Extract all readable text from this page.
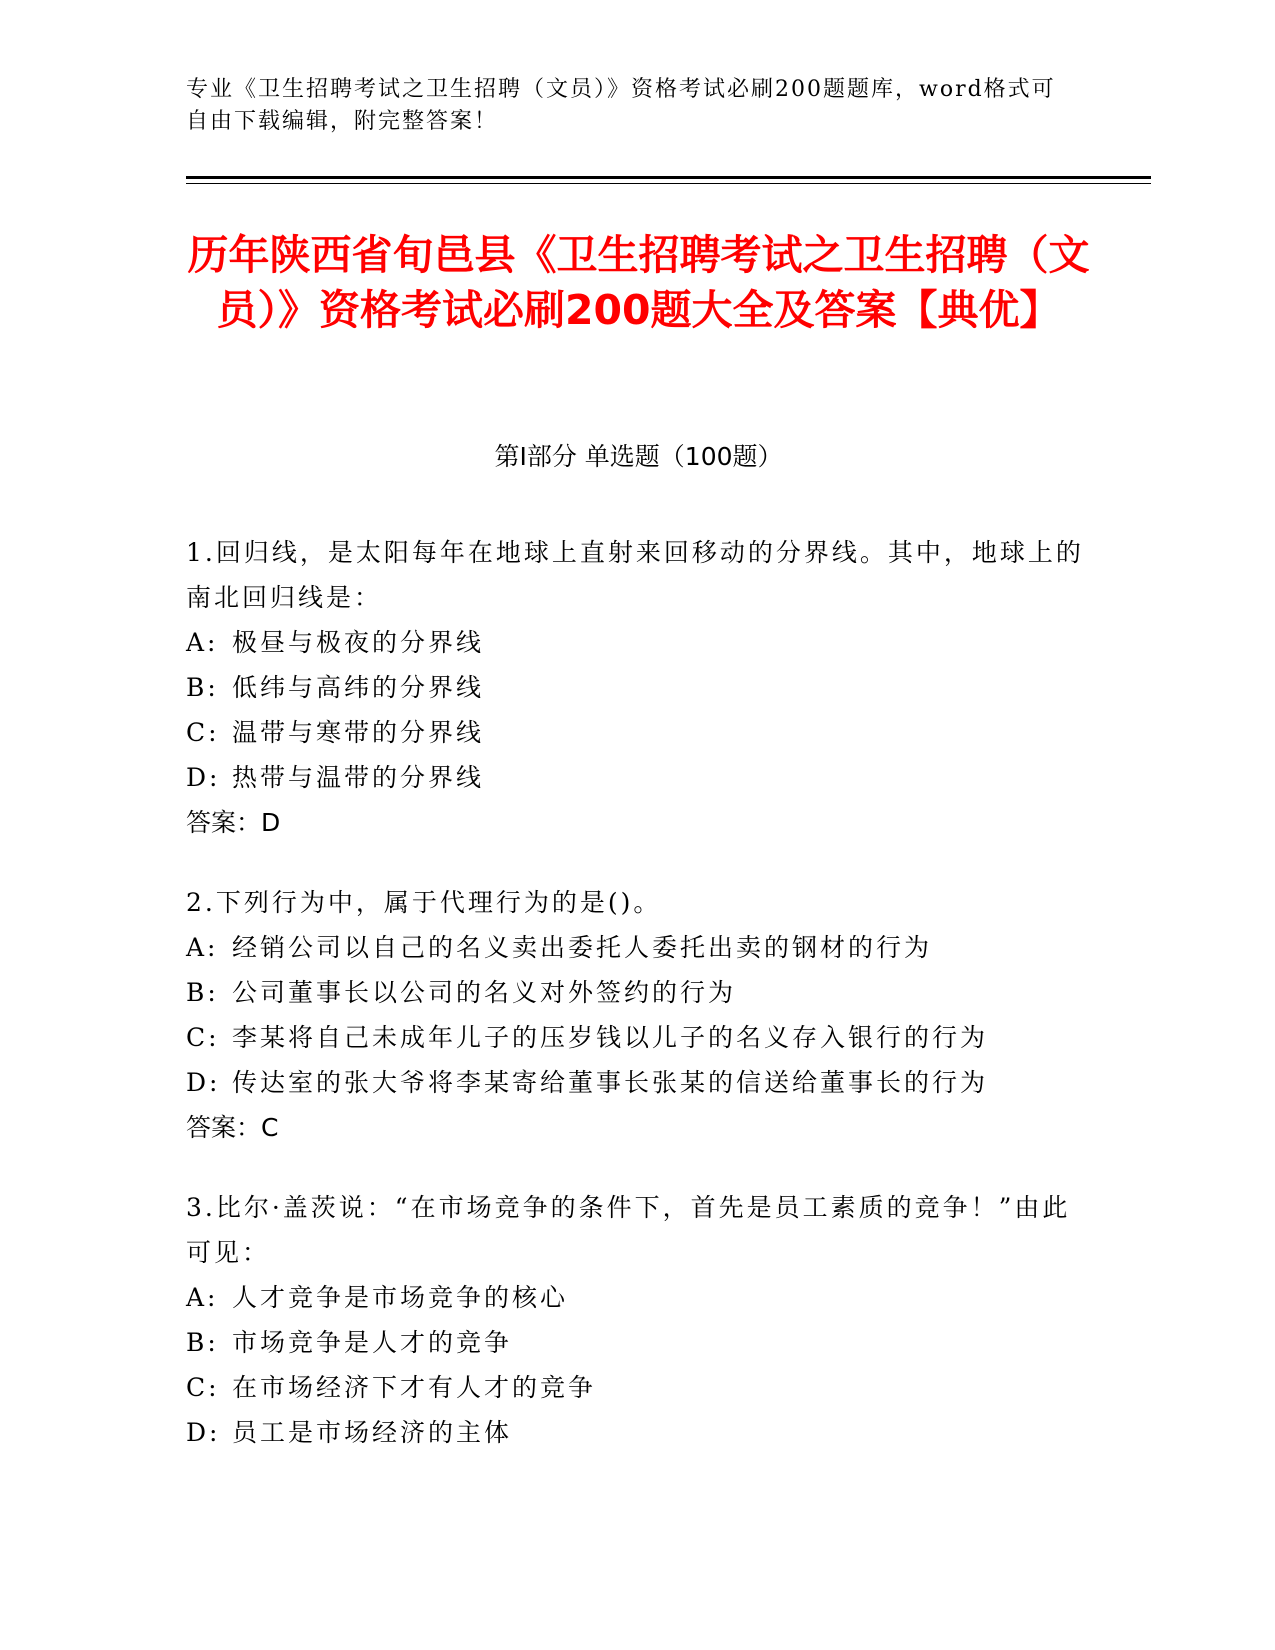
专业《卫生招聘考试之卫生招聘（文员）》资格考试必刷200题题库，word格式可自由下载编辑，附完整答案！
历年陕西省旬邑县《卫生招聘考试之卫生招聘（文员）》资格考试必刷200题大全及答案【典优】
第Ⅰ部分 单选题（100题）
1.回归线，是太阳每年在地球上直射来回移动的分界线。其中，地球上的南北回归线是：
A: 极昼与极夜的分界线
B: 低纬与高纬的分界线
C: 温带与寒带的分界线
D: 热带与温带的分界线
答案：D
2.下列行为中，属于代理行为的是()。
A: 经销公司以自己的名义卖出委托人委托出卖的钢材的行为
B: 公司董事长以公司的名义对外签约的行为
C: 李某将自己未成年儿子的压岁钱以儿子的名义存入银行的行为
D: 传达室的张大爷将李某寄给董事长张某的信送给董事长的行为
答案：C
3.比尔·盖茨说：“在市场竞争的条件下，首先是员工素质的竞争！”由此可见：
A: 人才竞争是市场竞争的核心
B: 市场竞争是人才的竞争
C: 在市场经济下才有人才的竞争
D: 员工是市场经济的主体
